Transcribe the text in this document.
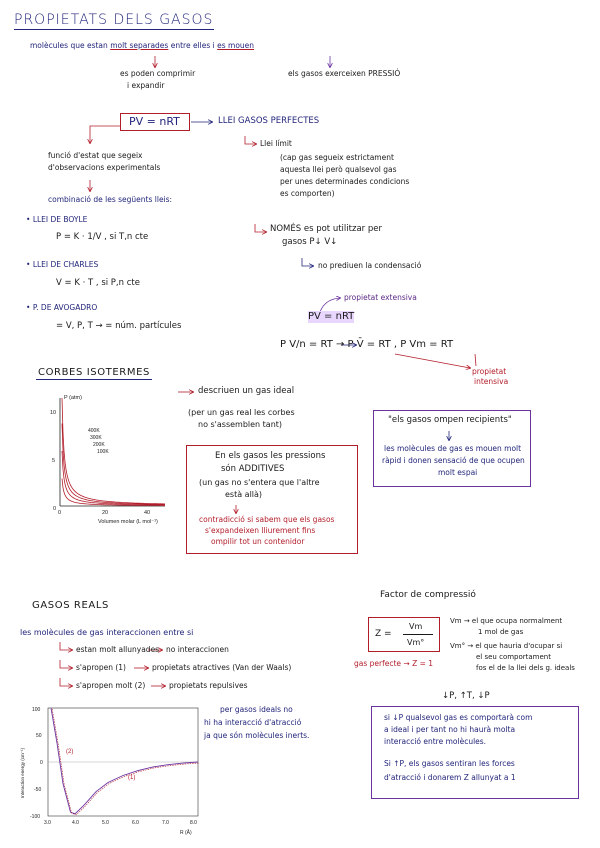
PROPIETATS DELS GASOS
molècules que estan molt separades entre elles i es mouen
es poden comprimir
i expandir
els gasos exerceixen PRESSIÓ
PV = nRT	LLEI GASOS PERFECTES
Llei límit
(cap gas segueix estrictament
aquesta llei però qualsevol gas
per unes determinades condicions
es comporten)
funció d'estat que segeix
d'observacions experimentals
combinació de les següents lleis:
NOMÉS es pot utilitzar per
gasos P↓ V↓
no prediuen la condensació
• LLEI DE BOYLE
P = K · 1/V , si T,n cte
• LLEI DE CHARLES
V = K · T , si P,n cte
• P. DE AVOGADRO
= V, P, T → = núm. partícules
propietat extensiva
PV = nRT
P V/n = RT → P V̄ = RT , P Vm = RT
propietat
intensiva
CORBES ISOTERMES
descriuen un gas ideal
(per un gas real les corbes
no s'assemblen tant)
P (atm)
10
5
0
0	20	40
Volumen molar (L mol⁻¹)
400K
300K
200K
100K	En els gasos les pressions
són ADDITIVES
(un gas no s'entera que l'altre
està allà)
contradicció si sabem que els gasos
s'expandeixen lliurement fins
ompilir tot un contenidor
"els gasos ompen recipients"
les molècules de gas es mouen molt
ràpid i donen sensació de que ocupen
molt espai
GASOS REALS
les molècules de gas interaccionen entre si
estan molt allunyades no interaccionen
s'apropen (1)	propietats atractives (Van der Waals)
s'apropen molt (2)	propietats repulsives
per gasos ideals no
hi ha interacció d'atracció
ja que són molècules inerts.
100
50
0
-50
-100
3.0	4.0	5.0	6.0	7.0	8.0
R (Å)
Interaction energy (cm⁻¹)	(2)
(1)
Factor de compressió
Z =
Vm
Vm°
Vm → el que ocupa normalment
1 mol de gas
Vm° → el que hauria d'ocupar si
el seu comportament
fos el de la llei dels g. ideals
gas perfecte → Z = 1
↓P, ↑T, ↓P
si ↓P qualsevol gas es comportarà com
a ideal i per tant no hi haurà molta
interacció entre molècules.
Si ↑P, els gasos sentiran les forces
d'atracció i donarem Z allunyat a 1
